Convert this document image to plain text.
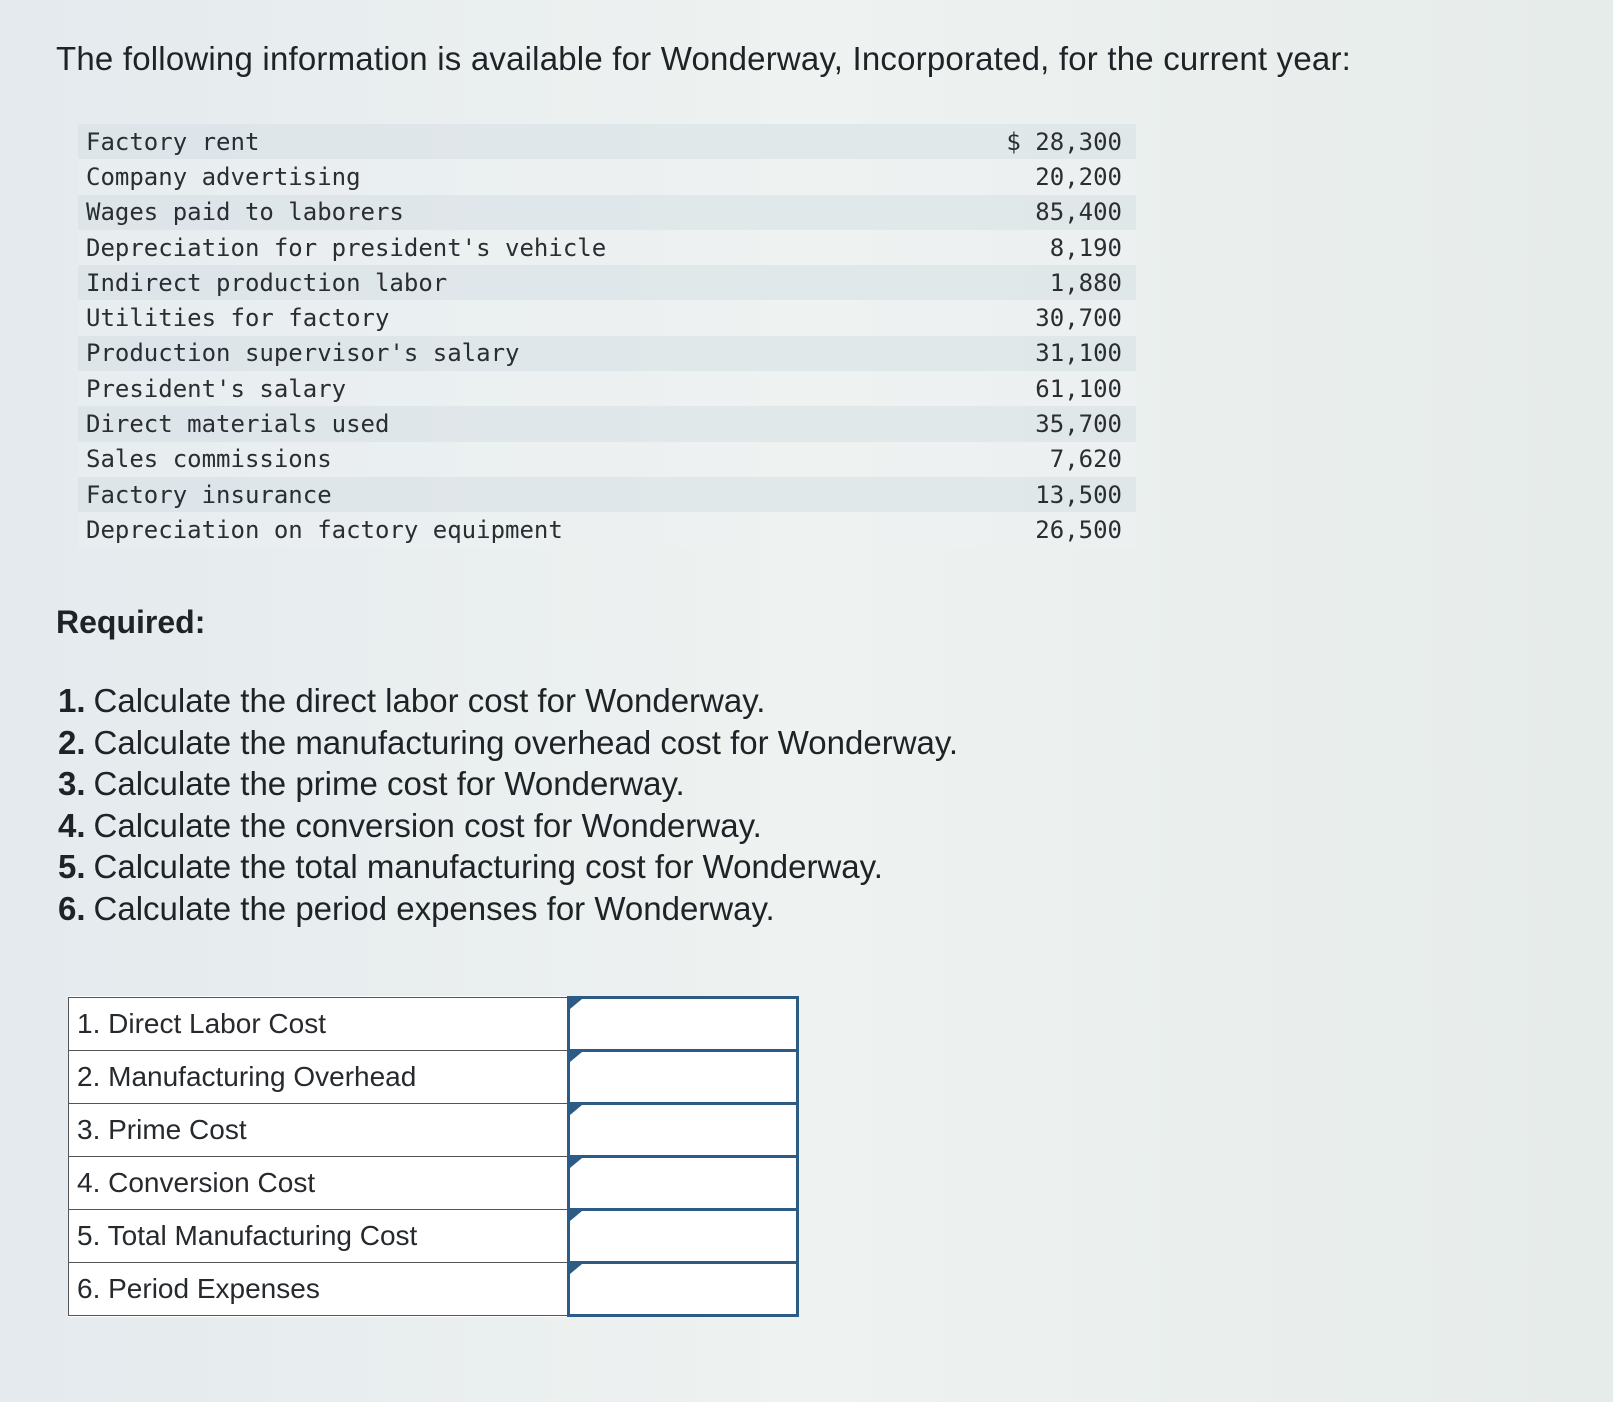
The following information is available for Wonderway, Incorporated, for the current year:
Factory rent	$ 28,300
Company advertising	20,200
Wages paid to laborers	85,400
Depreciation for president's vehicle	8,190
Indirect production labor	1,880
Utilities for factory	30,700
Production supervisor's salary	31,100
President's salary	61,100
Direct materials used	35,700
Sales commissions	7,620
Factory insurance	13,500
Depreciation on factory equipment	26,500
Required:
1. Calculate the direct labor cost for Wonderway.
2. Calculate the manufacturing overhead cost for Wonderway.
3. Calculate the prime cost for Wonderway.
4. Calculate the conversion cost for Wonderway.
5. Calculate the total manufacturing cost for Wonderway.
6. Calculate the period expenses for Wonderway.
1. Direct Labor Cost	

2. Manufacturing Overhead	

3. Prime Cost	

4. Conversion Cost	

5. Total Manufacturing Cost	

6. Period Expenses	
